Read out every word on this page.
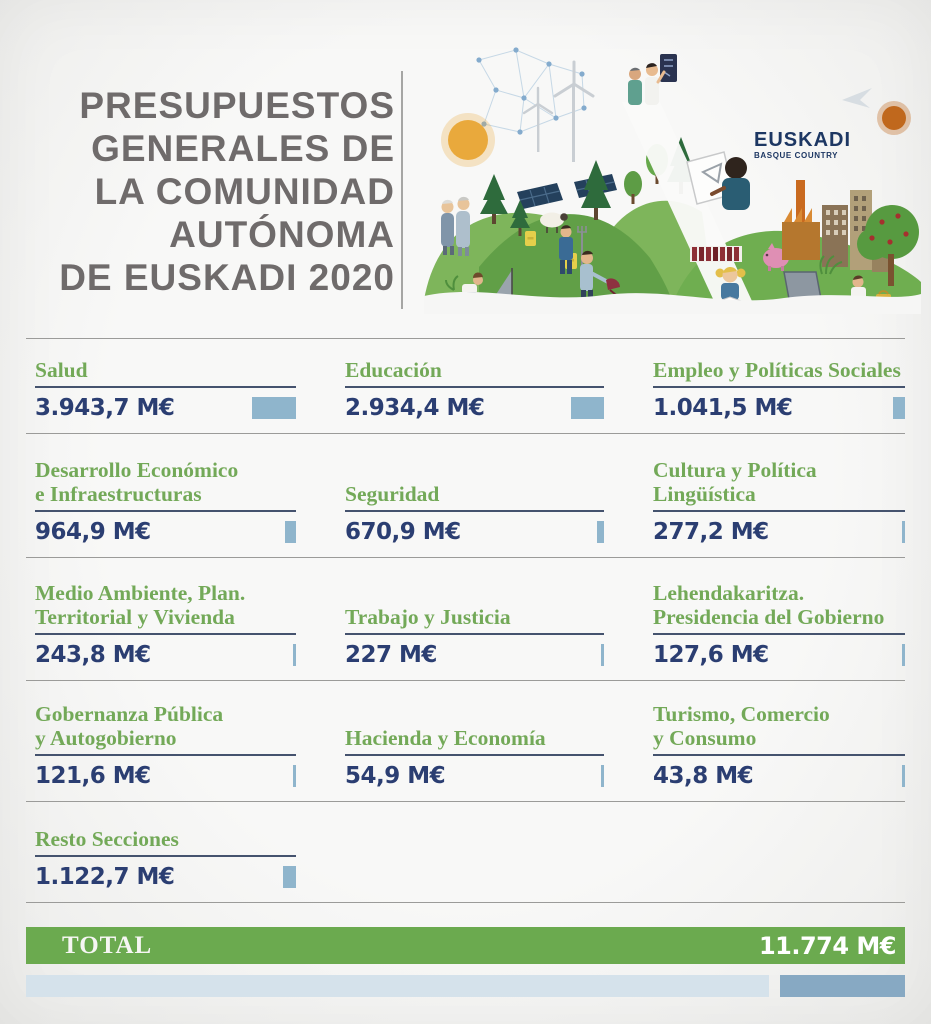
PRESUPUESTOS
GENERALES DE
LA COMUNIDAD
AUTÓNOMA
DE EUSKADI 2020
EUSKADI
BASQUE COUNTRY
Salud
3.943,7 M€
Educación
2.934,4 M€
Empleo y Políticas Sociales
1.041,5 M€
Desarrollo Económico
e Infraestructuras
964,9 M€
Seguridad
670,9 M€
Cultura y Política
Lingüística
277,2 M€
Medio Ambiente, Plan.
Territorial y Vivienda
243,8 M€
Trabajo y Justicia
227 M€
Lehendakaritza.
Presidencia del Gobierno
127,6 M€
Gobernanza Pública
y Autogobierno
121,6 M€
Hacienda y Economía
54,9 M€
Turismo, Comercio
y Consumo
43,8 M€
Resto Secciones
1.122,7 M€
TOTAL	11.774 M€
